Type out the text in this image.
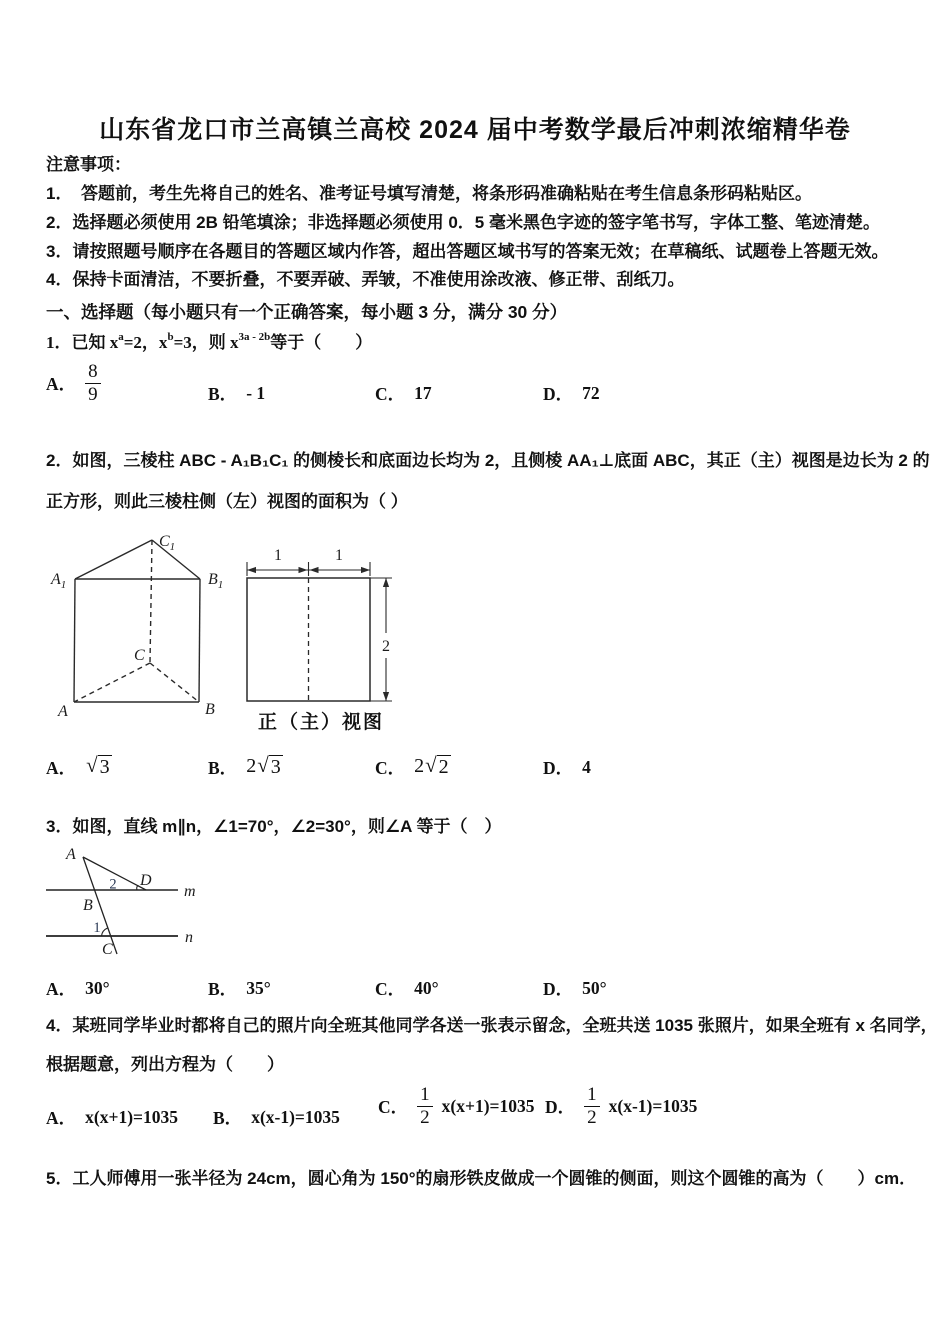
山东省龙口市兰高镇兰高校 2024 届中考数学最后冲刺浓缩精华卷
注意事项：
1．　答题前，考生先将自己的姓名、准考证号填写清楚，将条形码准确粘贴在考生信息条形码粘贴区。
2．选择题必须使用 2B 铅笔填涂；非选择题必须使用 0．5 毫米黑色字迹的签字笔书写，字体工整、笔迹清楚。
3．请按照题号顺序在各题目的答题区域内作答，超出答题区域书写的答案无效；在草稿纸、试题卷上答题无效。
4．保持卡面清洁，不要折叠，不要弄破、弄皱，不准使用涂改液、修正带、刮纸刀。
一、选择题（每小题只有一个正确答案，每小题 3 分，满分 30 分）
1．已知 $x^a=2$，$x^b=3$，则 $x^{3a - 2b}$等于（　　）
A． $\frac{8}{9}$	B． - 1	C． 17	D． 72
2．如图，三棱柱 ABC - A₁B₁C₁ 的侧棱长和底面边长均为 2，且侧棱 AA₁⊥底面 ABC，其正（主）视图是边长为 2 的
正方形，则此三棱柱侧（左）视图的面积为（ ）
$C_1$
$A_1$	$B_1$
C
A	B
1	1
2
正（主）视图
A． √ 3	B． 2 √ 3	C． 2 √ 2	D． 4
3．如图，直线 m∥n，∠1=70°，∠2=30°，则∠A 等于（　）
A
B
C
D
m
n
2
1
A． 30°	B． 35°	C． 40°	D． 50°
4．某班同学毕业时都将自己的照片向全班其他同学各送一张表示留念，全班共送 1035 张照片，如果全班有 x 名同学，
根据题意，列出方程为（　　）
A． x(x+1)=1035 B． x(x-1)=1035
C． $\frac{1}{2} x(x+1)=1035$ D． $\frac{1}{2} x(x-1)=1035$
5．工人师傅用一张半径为 24cm，圆心角为 150°的扇形铁皮做成一个圆锥的侧面，则这个圆锥的高为（　　）cm．
